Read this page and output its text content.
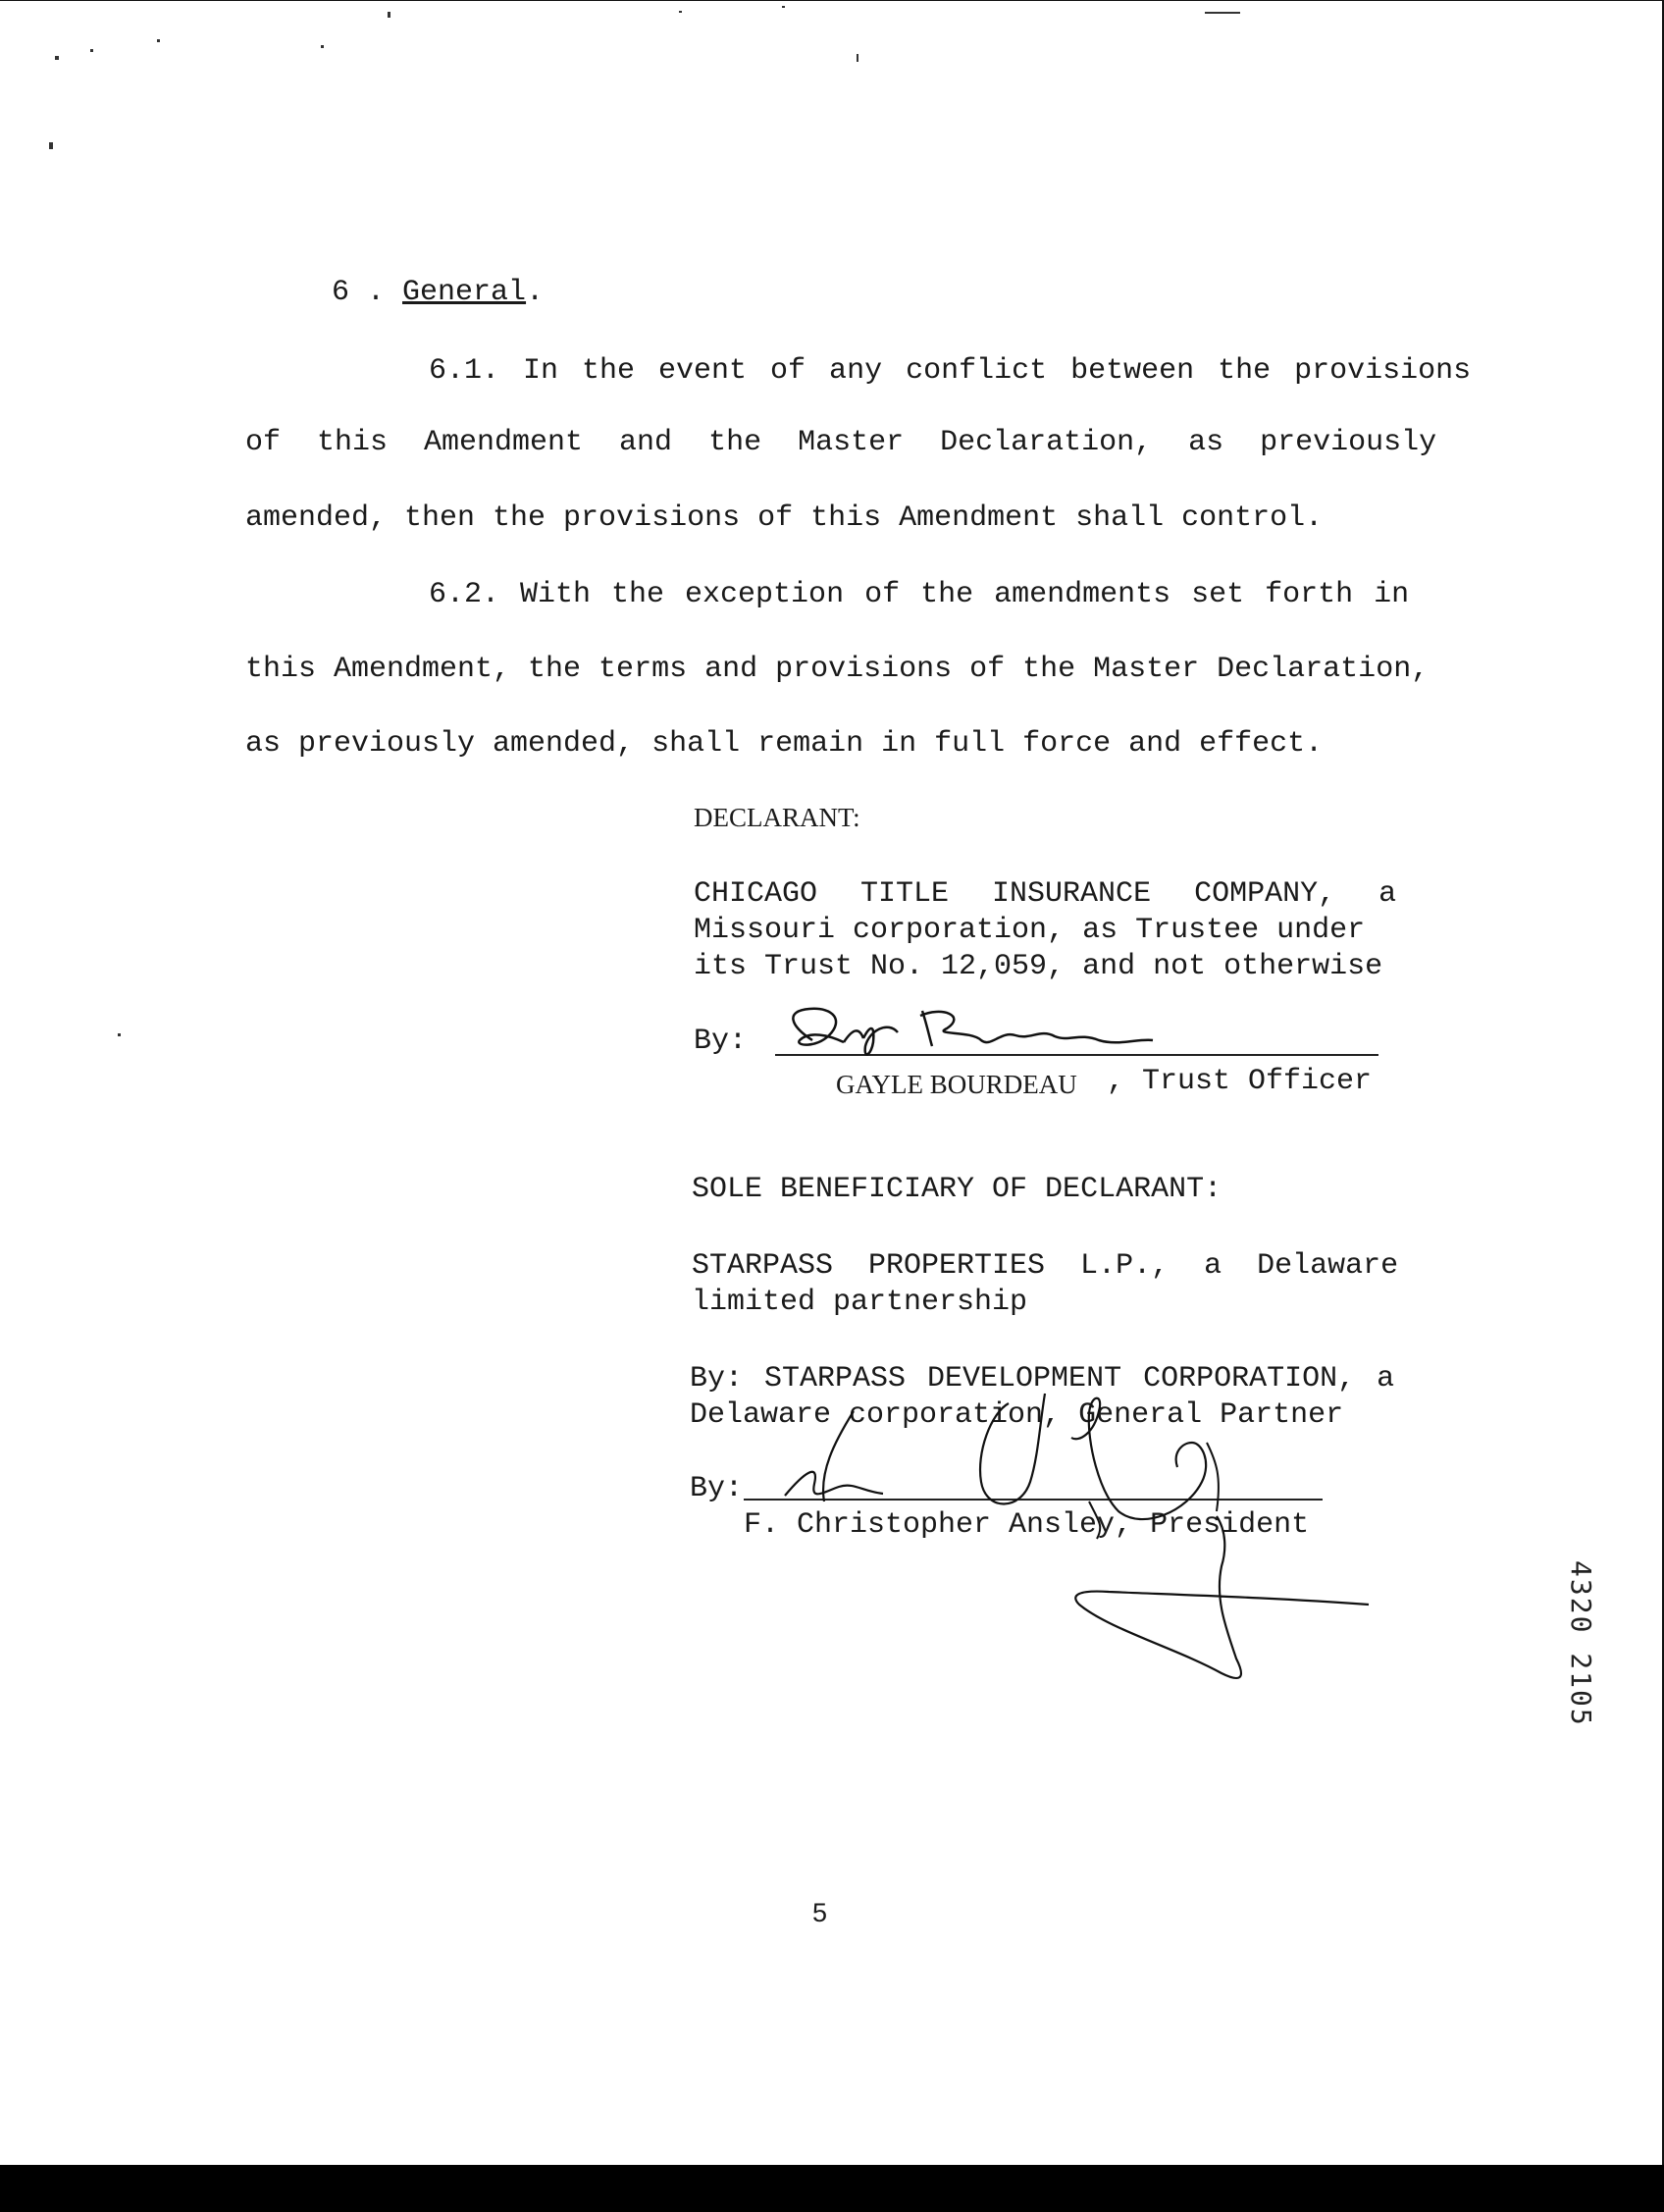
6 . General.
6.1. In the event of any conflict between the provisions
of this Amendment and the Master Declaration, as previously
amended, then the provisions of this Amendment shall control.
6.2. With the exception of the amendments set forth in
this Amendment, the terms and provisions of the Master Declaration,
as previously amended, shall remain in full force and effect.
DECLARANT:
CHICAGO TITLE INSURANCE COMPANY, a
Missouri corporation, as Trustee under
its Trust No. 12,059, and not otherwise
By:
GAYLE BOURDEAU , Trust Officer
SOLE BENEFICIARY OF DECLARANT:
STARPASS PROPERTIES L.P., a Delaware
limited partnership
By: STARPASS DEVELOPMENT CORPORATION, a
Delaware corporation, General Partner
By:
F. Christopher Ansley, President
4320 2105
5
